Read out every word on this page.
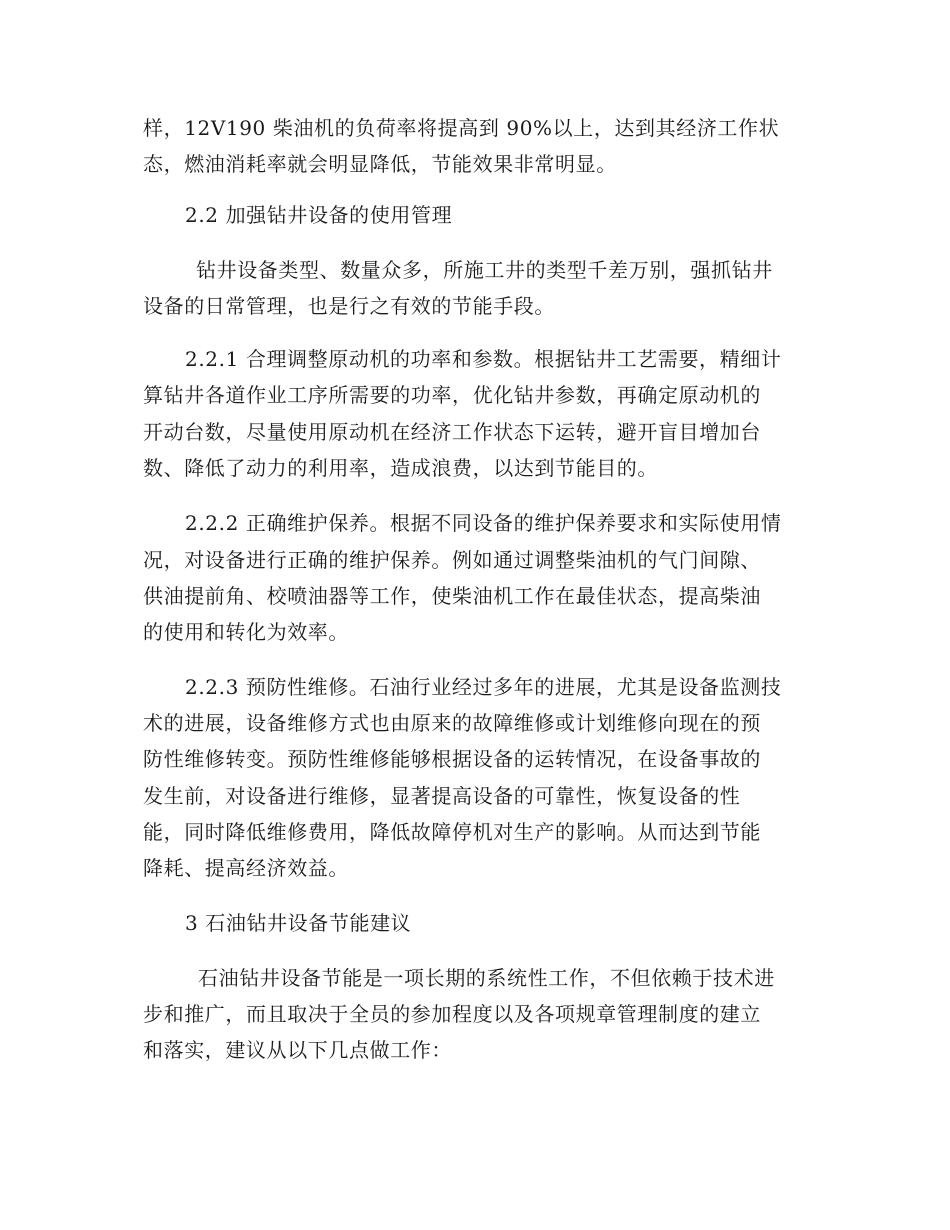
样，12V190 柴油机的负荷率将提高到 90%以上，达到其经济工作状
态，燃油消耗率就会明显降低，节能效果非常明显。
2.2 加强钻井设备的使用管理
钻井设备类型、数量众多，所施工井的类型千差万别，强抓钻井
设备的日常管理，也是行之有效的节能手段。
2.2.1 合理调整原动机的功率和参数。根据钻井工艺需要，精细计
算钻井各道作业工序所需要的功率，优化钻井参数，再确定原动机的
开动台数，尽量使用原动机在经济工作状态下运转，避开盲目增加台
数、降低了动力的利用率，造成浪费，以达到节能目的。
2.2.2 正确维护保养。根据不同设备的维护保养要求和实际使用情
况，对设备进行正确的维护保养。例如通过调整柴油机的气门间隙、
供油提前角、校喷油器等工作，使柴油机工作在最佳状态，提高柴油
的使用和转化为效率。
2.2.3 预防性维修。石油行业经过多年的进展，尤其是设备监测技
术的进展，设备维修方式也由原来的故障维修或计划维修向现在的预
防性维修转变。预防性维修能够根据设备的运转情况，在设备事故的
发生前，对设备进行维修，显著提高设备的可靠性，恢复设备的性
能，同时降低维修费用，降低故障停机对生产的影响。从而达到节能
降耗、提高经济效益。
3 石油钻井设备节能建议
石油钻井设备节能是一项长期的系统性工作，不但依赖于技术进
步和推广，而且取决于全员的参加程度以及各项规章管理制度的建立
和落实，建议从以下几点做工作：
